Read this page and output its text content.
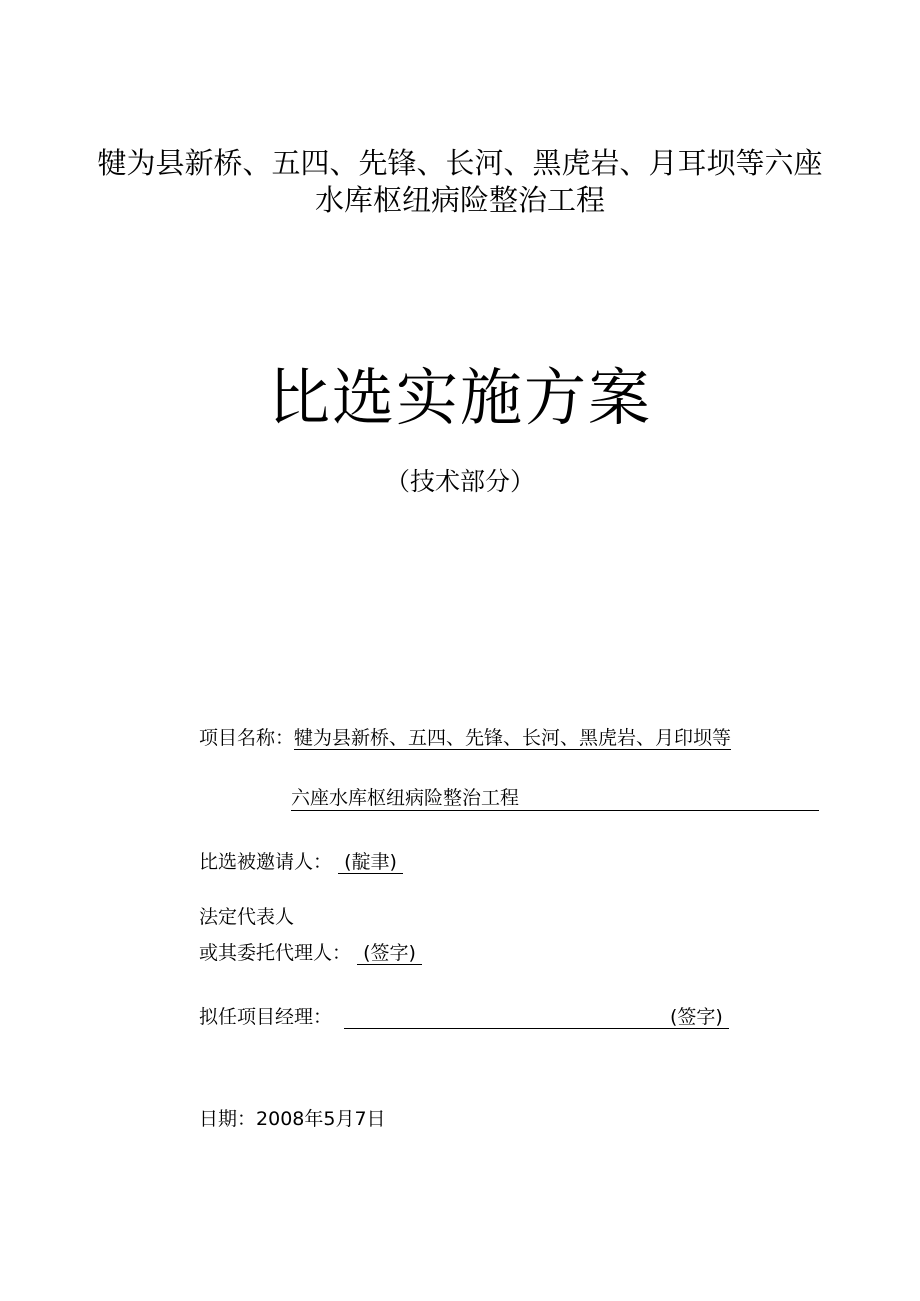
犍为县新桥、五四、先锋、长河、黑虎岩、月耳坝等六座
水库枢纽病险整治工程
比选实施方案
（技术部分）
项目名称：犍为县新桥、五四、先锋、长河、黑虎岩、月印坝等
六座水库枢纽病险整治工程
比选被邀请人： (靛聿)
法定代表人
或其委托代理人： (签字)
拟任项目经理：	(签字)
日期：2008年5月7日
